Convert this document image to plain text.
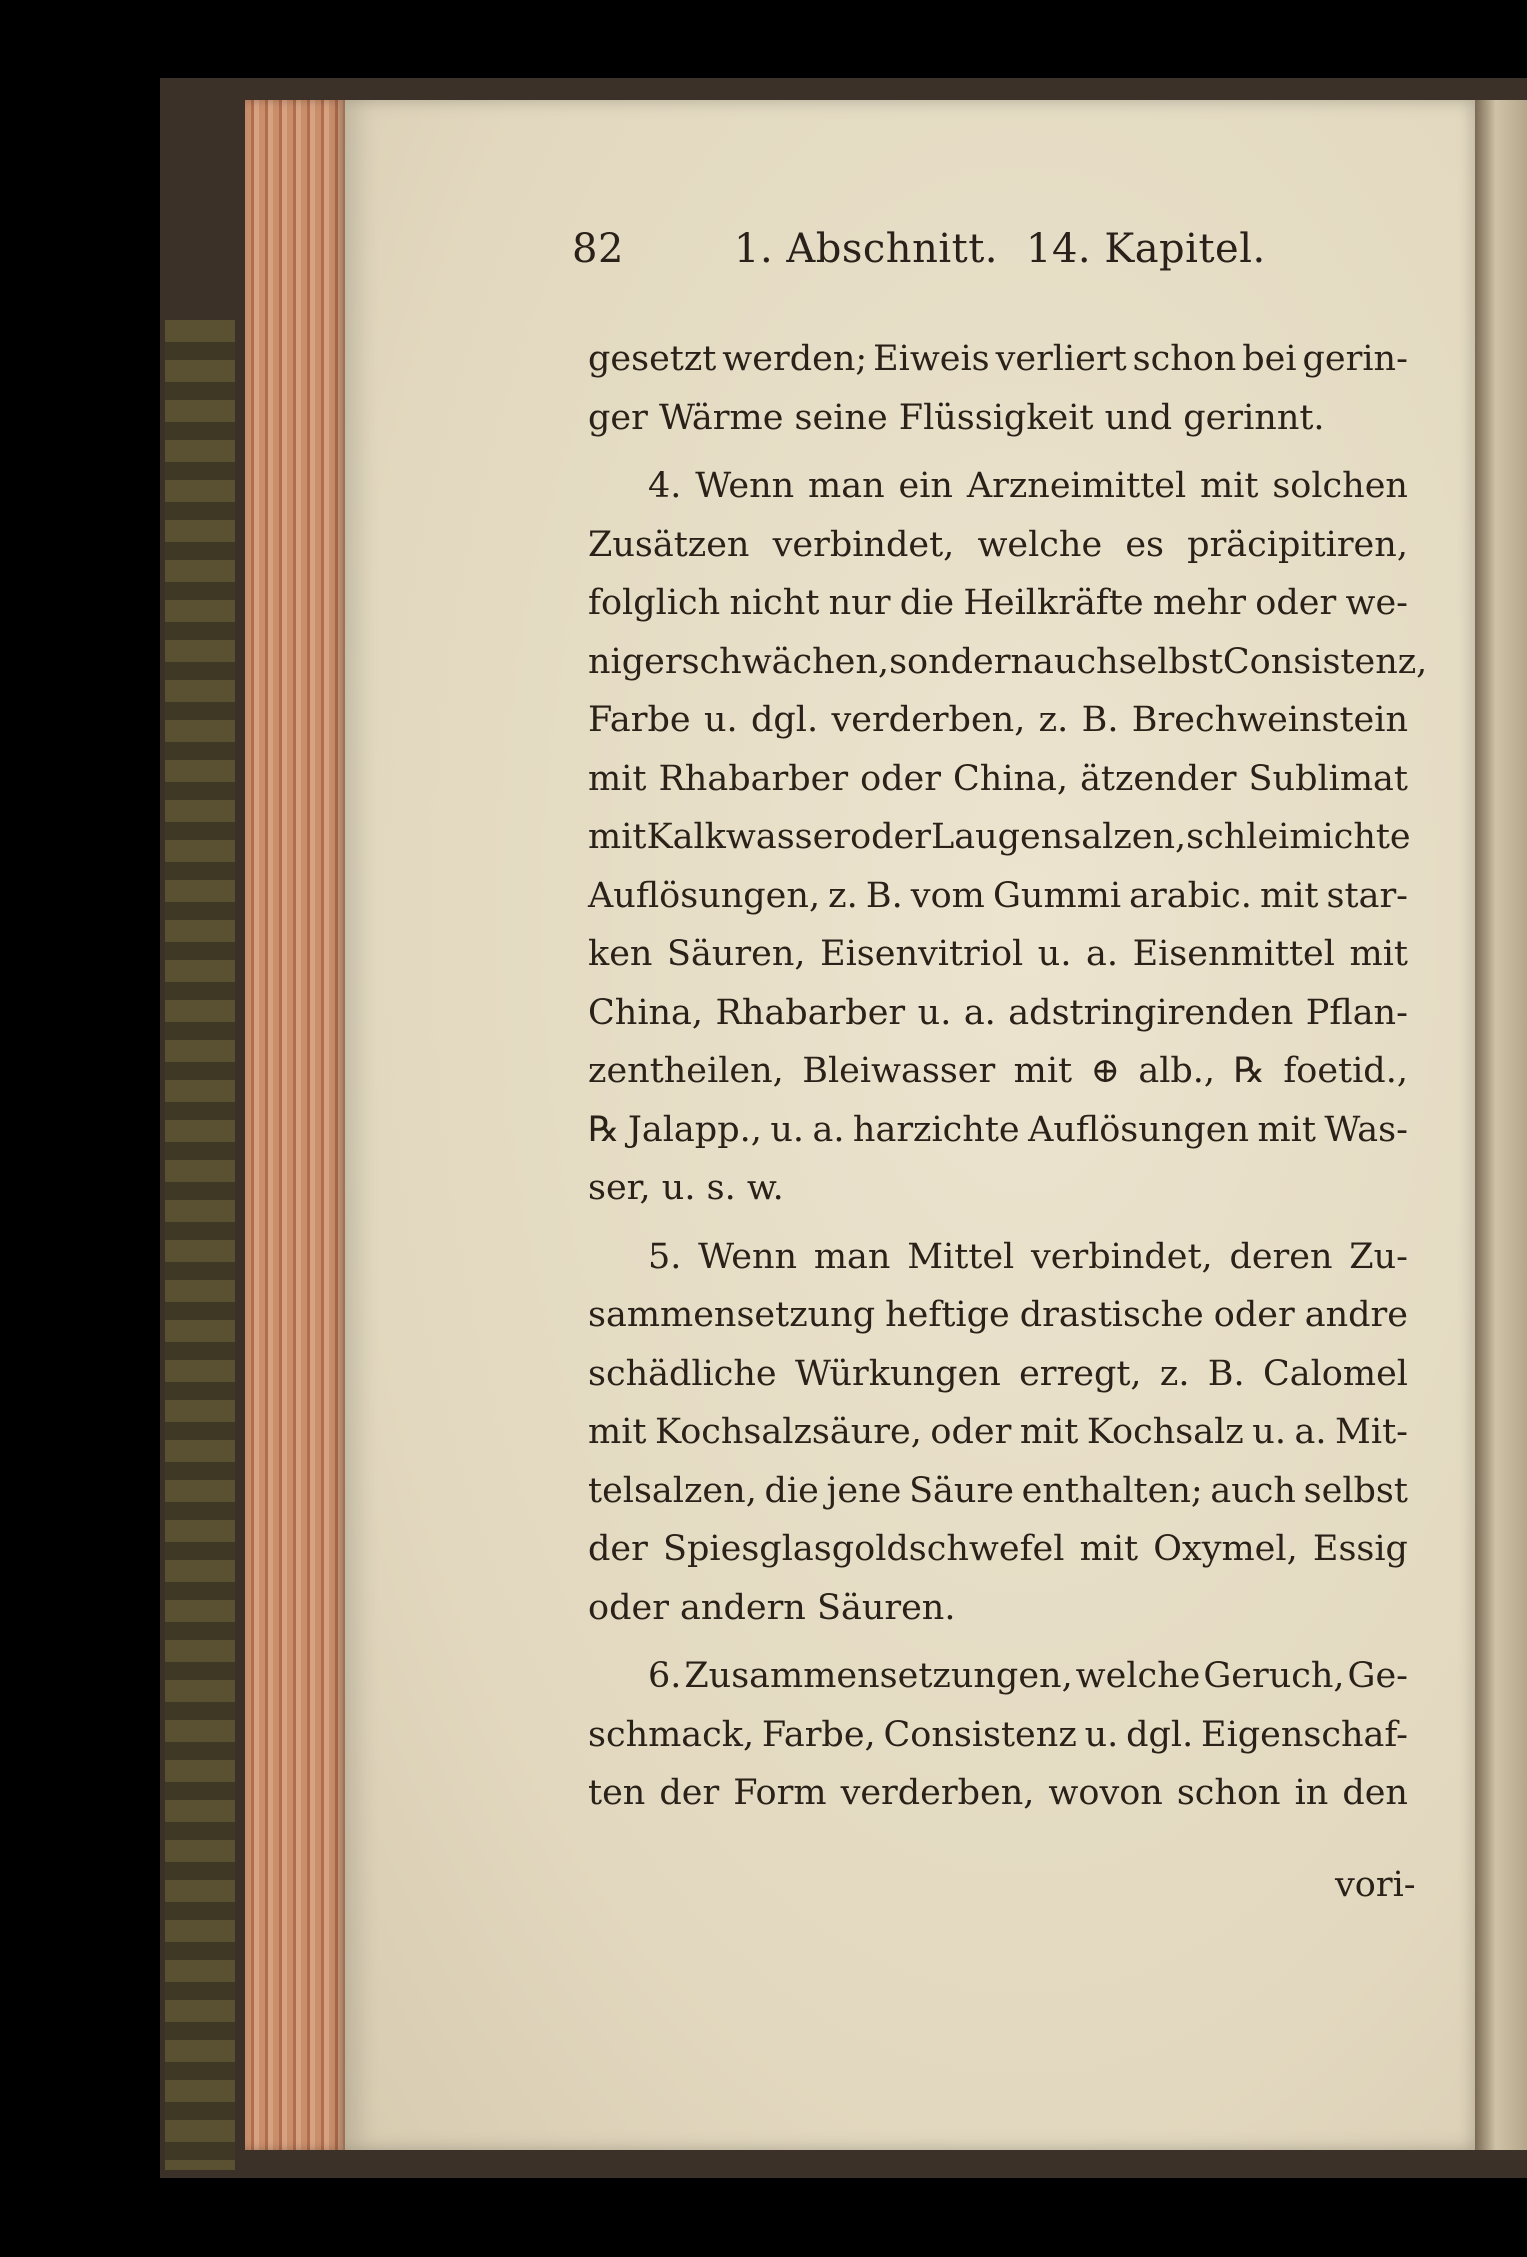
82	1. Abschnitt. 14. Kapitel.
gesetzt werden; Eiweis verliert schon bei gerin-
ger Wärme seine Flüssigkeit und gerinnt.
4. Wenn man ein Arzneimittel mit solchen
Zusätzen verbindet, welche es präcipitiren,
folglich nicht nur die Heilkräfte mehr oder we-
niger schwächen, sondern auch selbst Consistenz,
Farbe u. dgl. verderben, z. B. Brechweinstein
mit Rhabarber oder China, ätzender Sublimat
mit Kalkwasser oder Laugensalzen, schleimichte
Auflösungen, z. B. vom Gummi arabic. mit star-
ken Säuren, Eisenvitriol u. a. Eisenmittel mit
China, Rhabarber u. a. adstringirenden Pflan-
zentheilen, Bleiwasser mit ⊕ alb., ℞ foetid.,
℞ Jalapp., u. a. harzichte Auflösungen mit Was-
ser, u. s. w.
5. Wenn man Mittel verbindet, deren Zu-
sammensetzung heftige drastische oder andre
schädliche Würkungen erregt, z. B. Calomel
mit Kochsalzsäure, oder mit Kochsalz u. a. Mit-
telsalzen, die jene Säure enthalten; auch selbst
der Spiesglasgoldschwefel mit Oxymel, Essig
oder andern Säuren.
6. Zusammensetzungen, welche Geruch, Ge-
schmack, Farbe, Consistenz u. dgl. Eigenschaf-
ten der Form verderben, wovon schon in den
vori-
